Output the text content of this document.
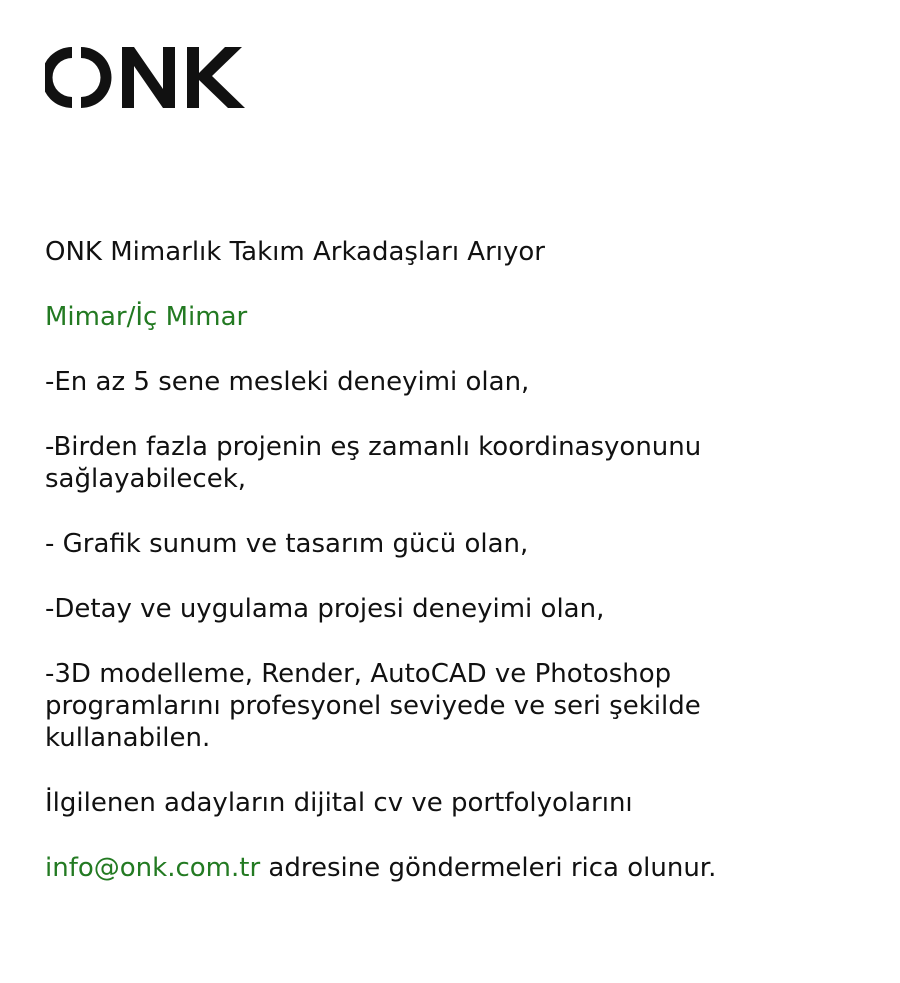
ONK Mimarlık Takım Arkadaşları Arıyor

Mimar/İç Mimar

-En az 5 sene mesleki deneyimi olan,

-Birden fazla projenin eş zamanlı koordinasyonunu sağlayabilecek,

- Grafik sunum ve tasarım gücü olan,

-Detay ve uygulama projesi deneyimi olan,

-3D modelleme, Render, AutoCAD ve Photoshop programlarını profesyonel seviyede ve seri şekilde kullanabilen.

İlgilenen adayların dijital cv ve portfolyolarını

info@onk.com.tr adresine göndermeleri rica olunur.
